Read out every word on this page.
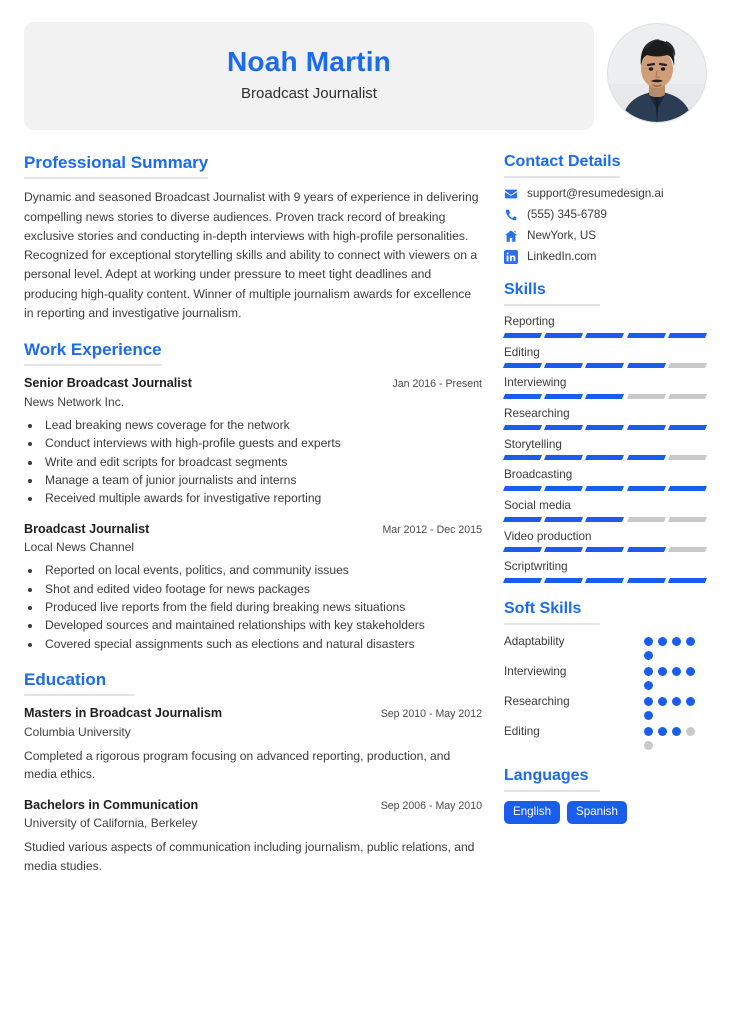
Noah Martin
Broadcast Journalist
Professional Summary
Dynamic and seasoned Broadcast Journalist with 9 years of experience in delivering compelling news stories to diverse audiences. Proven track record of breaking exclusive stories and conducting in-depth interviews with high-profile personalities. Recognized for exceptional storytelling skills and ability to connect with viewers on a personal level. Adept at working under pressure to meet tight deadlines and producing high-quality content. Winner of multiple journalism awards for excellence in reporting and investigative journalism.
Work Experience
Senior Broadcast Journalist	Jan 2016 - Present
News Network Inc.
• Lead breaking news coverage for the network
• Conduct interviews with high-profile guests and experts
• Write and edit scripts for broadcast segments
• Manage a team of junior journalists and interns
• Received multiple awards for investigative reporting
Broadcast Journalist	Mar 2012 - Dec 2015
Local News Channel
• Reported on local events, politics, and community issues
• Shot and edited video footage for news packages
• Produced live reports from the field during breaking news situations
• Developed sources and maintained relationships with key stakeholders
• Covered special assignments such as elections and natural disasters
Education
Masters in Broadcast Journalism	Sep 2010 - May 2012
Columbia University
Completed a rigorous program focusing on advanced reporting, production, and media ethics.
Bachelors in Communication	Sep 2006 - May 2010
University of California, Berkeley
Studied various aspects of communication including journalism, public relations, and media studies.
Contact Details
support@resumedesign.ai
(555) 345-6789
NewYork, US
LinkedIn.com
Skills
Reporting
Editing
Interviewing
Researching
Storytelling
Broadcasting
Social media
Video production
Scriptwriting
Soft Skills
Adaptability
Interviewing
Researching
Editing
Languages
English	Spanish
